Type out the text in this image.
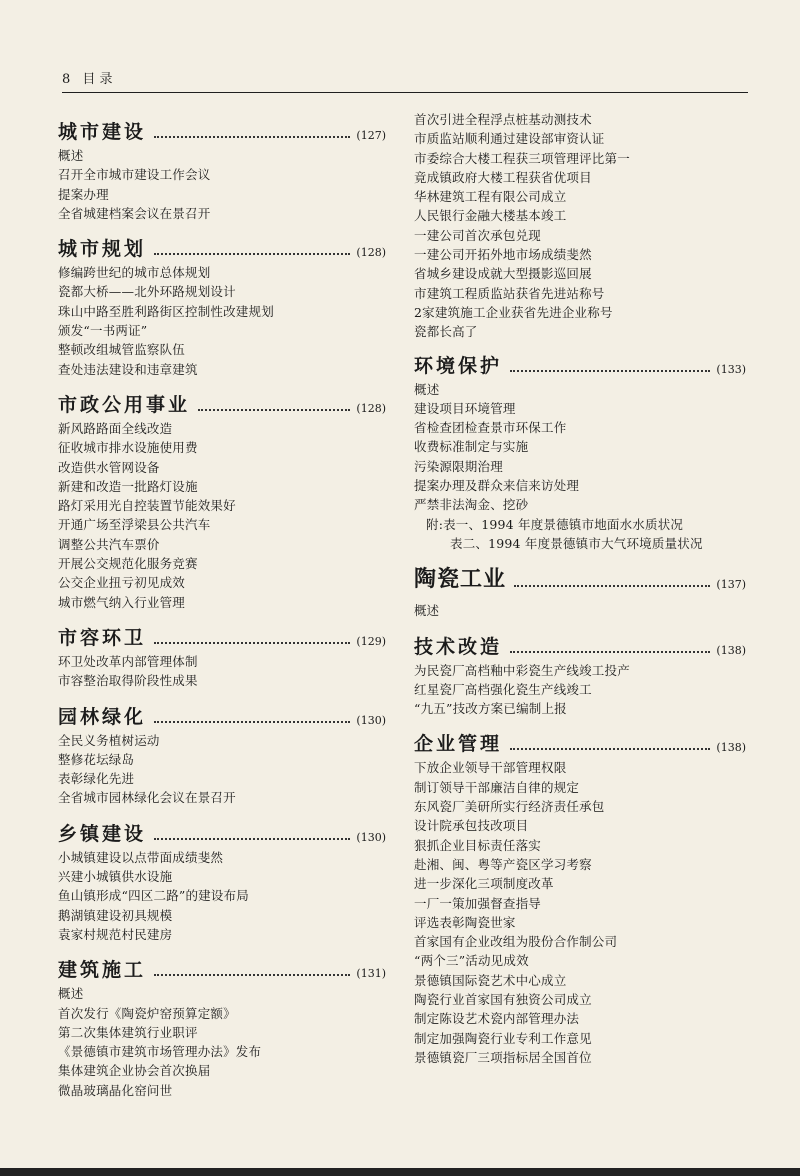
8 目 录
城市建设	(127)
概述
召开全市城市建设工作会议
提案办理
全省城建档案会议在景召开
城市规划	(128)
修编跨世纪的城市总体规划
瓷都大桥——北外环路规划设计
珠山中路至胜利路街区控制性改建规划
颁发“一书两证”
整顿改组城管监察队伍
查处违法建设和违章建筑
市政公用事业	(128)
新风路路面全线改造
征收城市排水设施使用费
改造供水管网设备
新建和改造一批路灯设施
路灯采用光自控装置节能效果好
开通广场至浮梁县公共汽车
调整公共汽车票价
开展公交规范化服务竞赛
公交企业扭亏初见成效
城市燃气纳入行业管理
市容环卫	(129)
环卫处改革内部管理体制
市容整治取得阶段性成果
园林绿化	(130)
全民义务植树运动
整修花坛绿岛
表彰绿化先进
全省城市园林绿化会议在景召开
乡镇建设	(130)
小城镇建设以点带面成绩斐然
兴建小城镇供水设施
鱼山镇形成“四区二路”的建设布局
鹅湖镇建设初具规模
袁家村规范村民建房
建筑施工	(131)
概述
首次发行《陶瓷炉窑预算定额》
第二次集体建筑行业职评
《景德镇市建筑市场管理办法》发布
集体建筑企业协会首次换届
微晶玻璃晶化窑问世
首次引进全程浮点桩基动测技术
市质监站顺利通过建设部审资认证
市委综合大楼工程获三项管理评比第一
竟成镇政府大楼工程获省优项目
华林建筑工程有限公司成立
人民银行金融大楼基本竣工
一建公司首次承包兑现
一建公司开拓外地市场成绩斐然
省城乡建设成就大型摄影巡回展
市建筑工程质监站获省先进站称号
2家建筑施工企业获省先进企业称号
瓷都长高了
环境保护	(133)
概述
建设项目环境管理
省检查团检查景市环保工作
收费标准制定与实施
污染源限期治理
提案办理及群众来信来访处理
严禁非法淘金、挖砂
附:表一、1994 年度景德镇市地面水水质状况
表二、1994 年度景德镇市大气环境质量状况
陶瓷工业	(137)
概述
技术改造	(138)
为民瓷厂高档釉中彩瓷生产线竣工投产
红星瓷厂高档强化瓷生产线竣工
“九五”技改方案已编制上报
企业管理	(138)
下放企业领导干部管理权限
制订领导干部廉洁自律的规定
东风瓷厂美研所实行经济责任承包
设计院承包技改项目
狠抓企业目标责任落实
赴湘、闽、粤等产瓷区学习考察
进一步深化三项制度改革
一厂一策加强督查指导
评选表彰陶瓷世家
首家国有企业改组为股份合作制公司
“两个三”活动见成效
景德镇国际瓷艺术中心成立
陶瓷行业首家国有独资公司成立
制定陈设艺术瓷内部管理办法
制定加强陶瓷行业专利工作意见
景德镇瓷厂三项指标居全国首位
